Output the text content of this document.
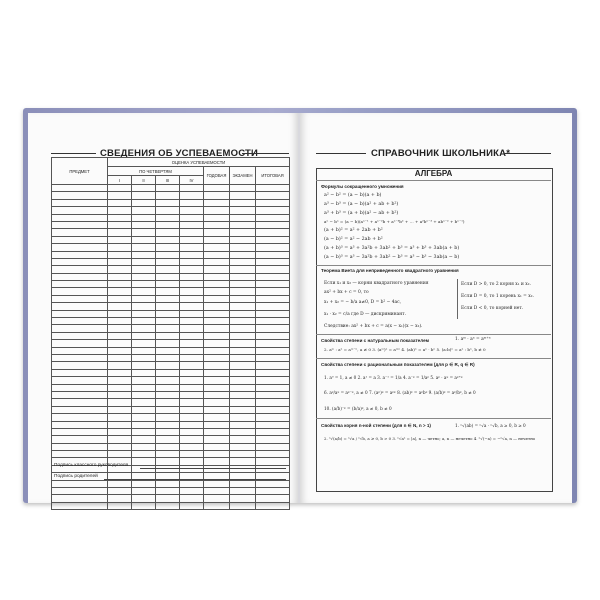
СВЕДЕНИЯ ОБ УСПЕВАЕМОСТИ
ПРЕДМЕТ	ОЦЕНКА УСПЕВАЕМОСТИ						
	ПО ЧЕТВЕРТЯМ				ГОДОВАЯ	ЭКЗАМЕН	ИТОГОВАЯ
	I	II	III	IV			

Подпись классного руководителя
Подпись родителей
СПРАВОЧНИК ШКОЛЬНИКА*
АЛГЕБРА
Формулы сокращенного умножения
a² − b² = (a − b)(a + b)
a³ − b³ = (a − b)(a² + ab + b²)
a³ + b³ = (a + b)(a² − ab + b²)
aⁿ − bⁿ = (a − b)(aⁿ⁻¹ + aⁿ⁻²b + aⁿ⁻³b² + … + a²bⁿ⁻³ + abⁿ⁻² + bⁿ⁻¹)
(a + b)² = a² + 2ab + b²
(a − b)² = a² − 2ab + b²
(a + b)³ = a³ + 3a²b + 3ab² + b³ = a³ + b³ + 3ab(a + b)
(a − b)³ = a³ − 3a²b + 3ab² − b³ = a³ − b³ − 3ab(a − b)
Теорема Виета для неприведенного квадратного уравнения
Если x₁ и x₂ — корни квадратного уравнения
ax² + bx + c = 0, то
x₁ + x₂ = − b/a a≠0, D = b² − 4ac,
x₁ · x₂ = c/a где D — дискриминант.
Если D > 0, то 2 корня x₁ и x₂.
Если D = 0, то 1 корень x₁ = x₂.
Если D < 0, то корней нет.
Следствие: ax² + bx + c = a(x − x₁)(x − x₂).
Свойства степени с натуральным показателем	1. aᵐ · aⁿ = aᵐ⁺ⁿ
2. aᵐ : aⁿ = aᵐ⁻ⁿ, a ≠ 0 3. (aᵐ)ⁿ = aᵐⁿ 4. (ab)ⁿ = aⁿ · bⁿ 5. (a:b)ⁿ = aⁿ : bⁿ, b ≠ 0
Свойства степени с рациональным показателем (для p ∈ R, q ∈ R)
1. a⁰ = 1, a ≠ 0 2. a¹ = a 3. a⁻¹ = 1/a 4. a⁻ᵖ = 1/aᵖ 5. aᵖ · aᵠ = aᵖ⁺ᵠ
6. aᵖ/aᵠ = aᵖ⁻ᵠ, a ≠ 0 7. (aᵖ)ᵠ = aᵖᵠ 8. (ab)ᵖ = aᵖbᵖ 9. (a/b)ᵖ = aᵖ/bᵖ, b ≠ 0
10. (a/b)⁻ᵖ = (b/a)ᵖ, a ≠ 0, b ≠ 0
Свойства корня n-ной степени (для n ∈ N, n > 1)	1. ⁿ√(ab) = ⁿ√a · ⁿ√b, a ≥ 0, b ≥ 0
2. ⁿ√(a/b) = ⁿ√a / ⁿ√b, a ≥ 0, b > 0 3. ⁿ√aⁿ = |a|, n — четно; a, n — нечетно 4. ⁿ√(−a) = −ⁿ√a, n — нечетно
